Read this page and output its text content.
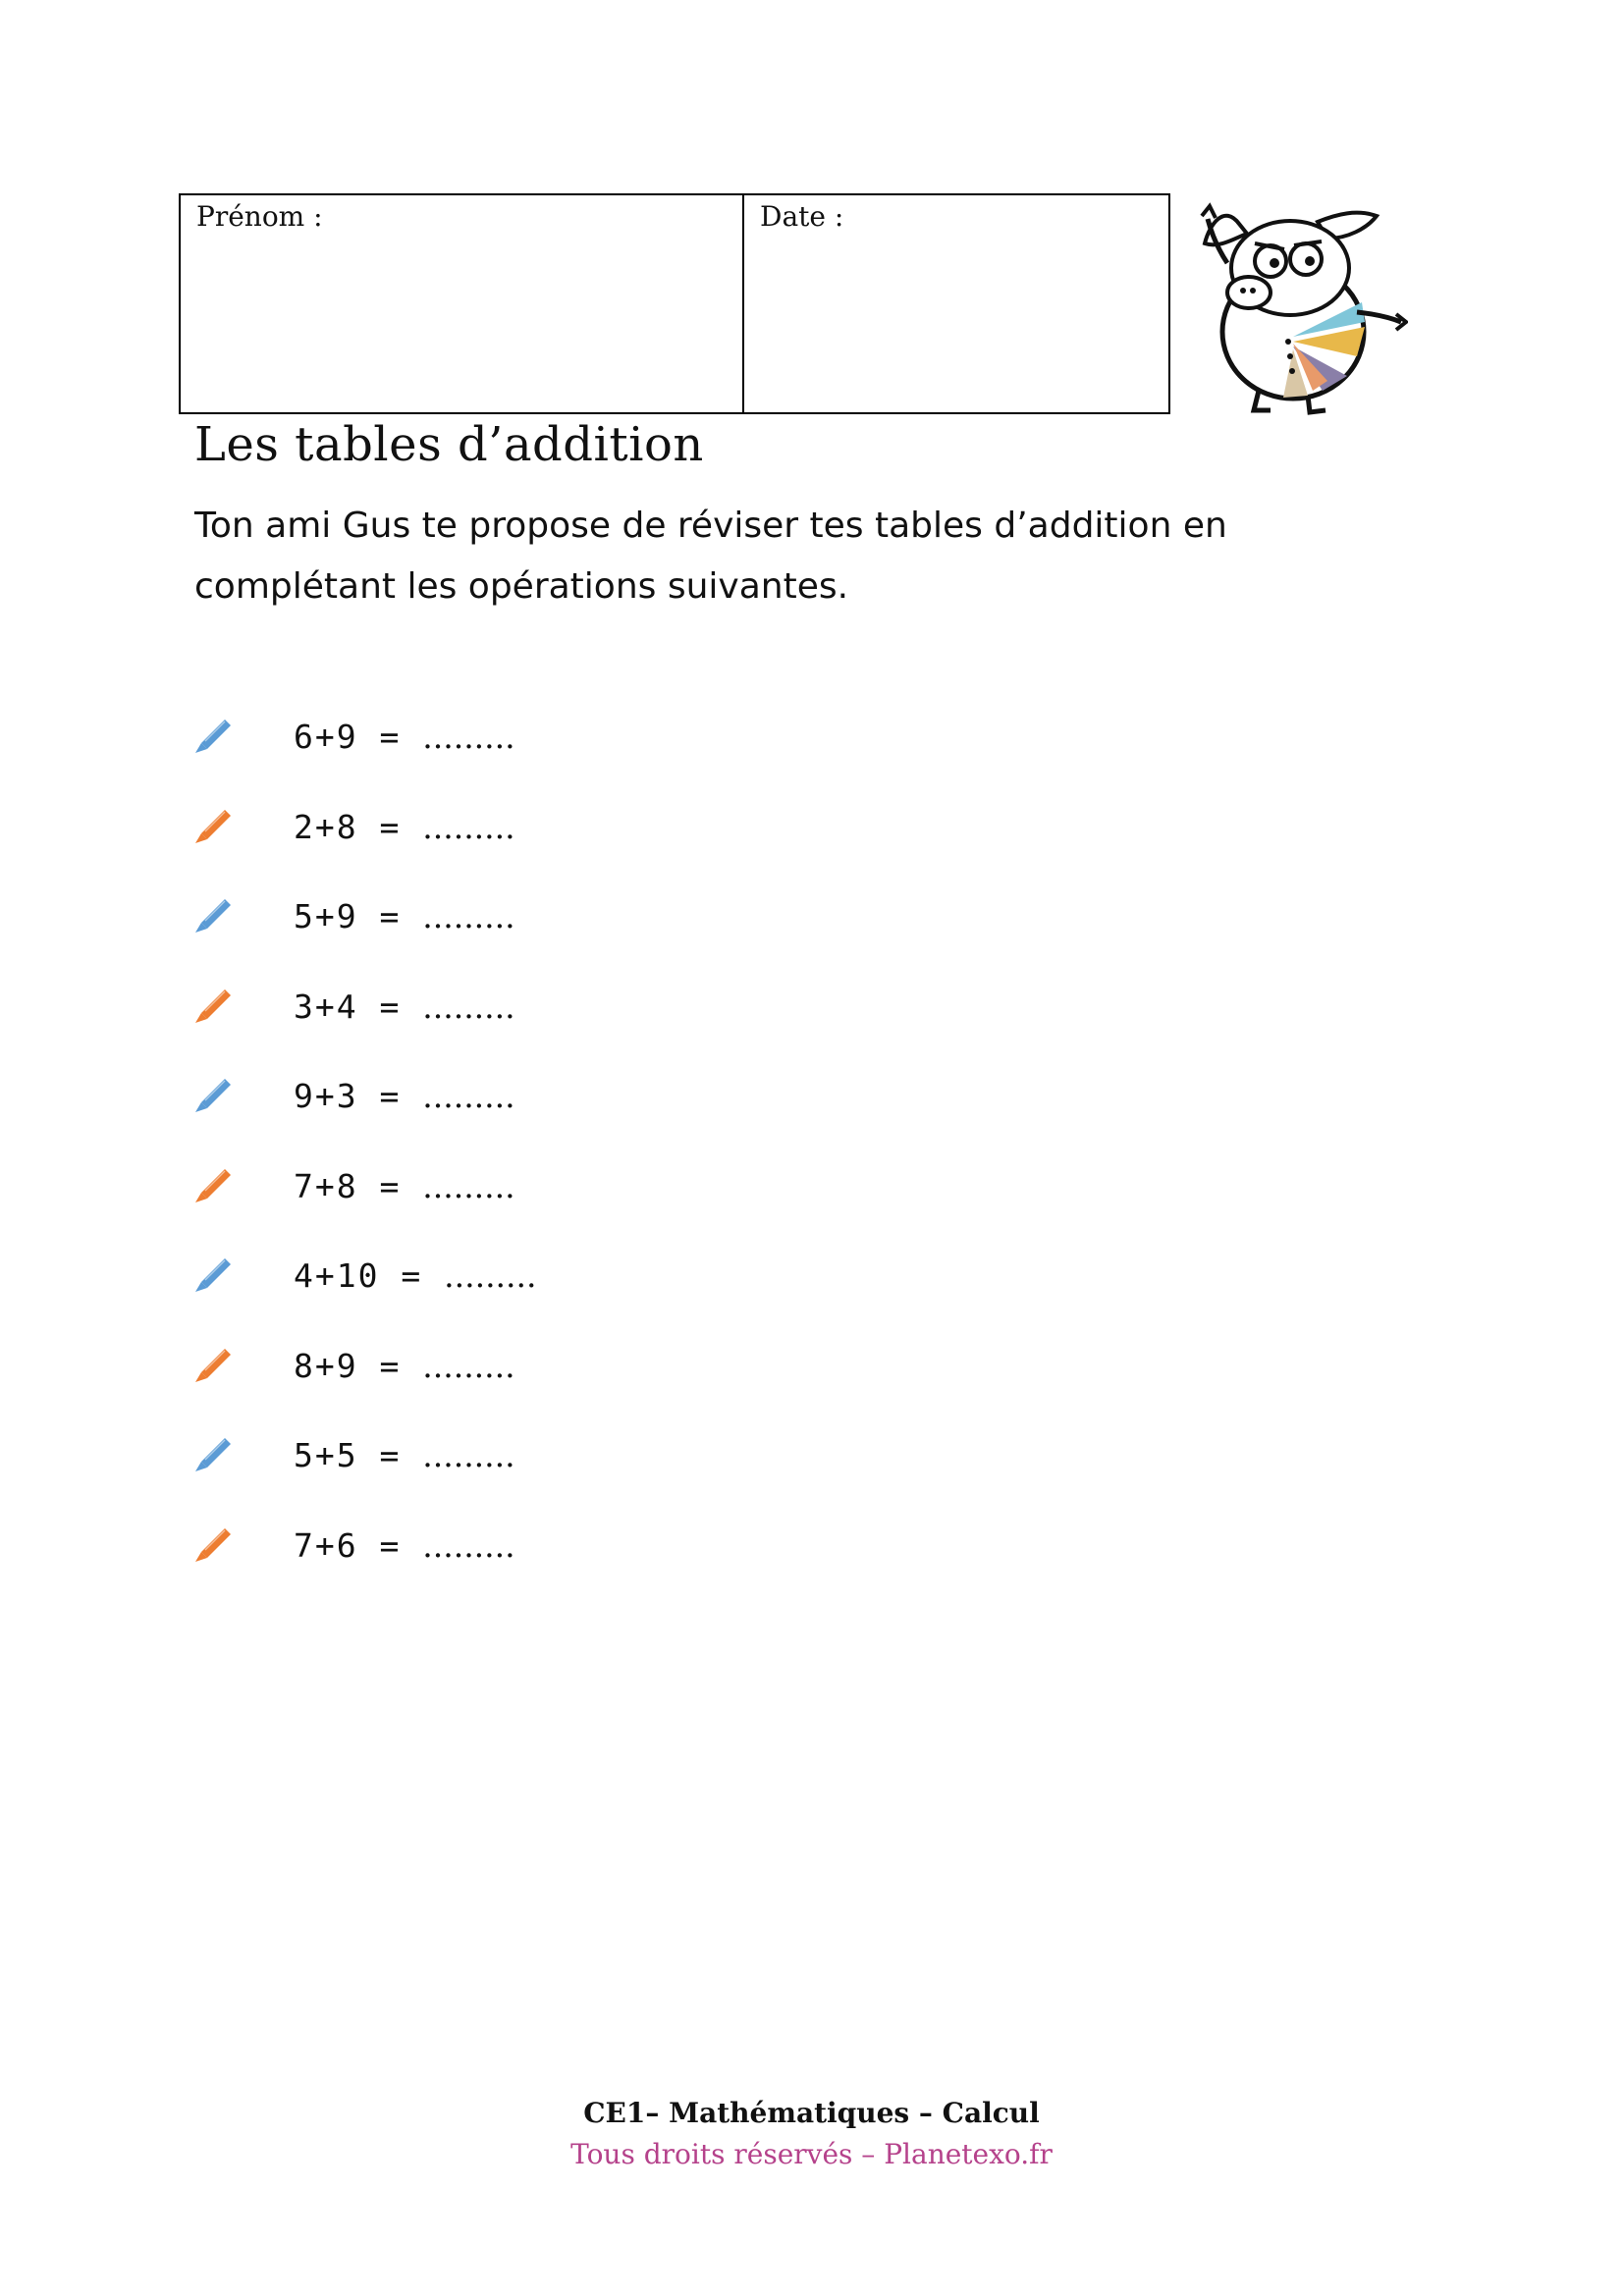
Prénom :	Date :
Les tables d’addition

Ton ami Gus te propose de réviser tes tables d’addition en complétant les opérations suivantes.

6+9 = .........
2+8 = .........
5+9 = .........
3+4 = .........
9+3 = .........
7+8 = .........
4+10 = .........
8+9 = .........
5+5 = .........
7+6 = .........
CE1– Mathématiques – Calcul
Tous droits réservés – Planetexo.fr
